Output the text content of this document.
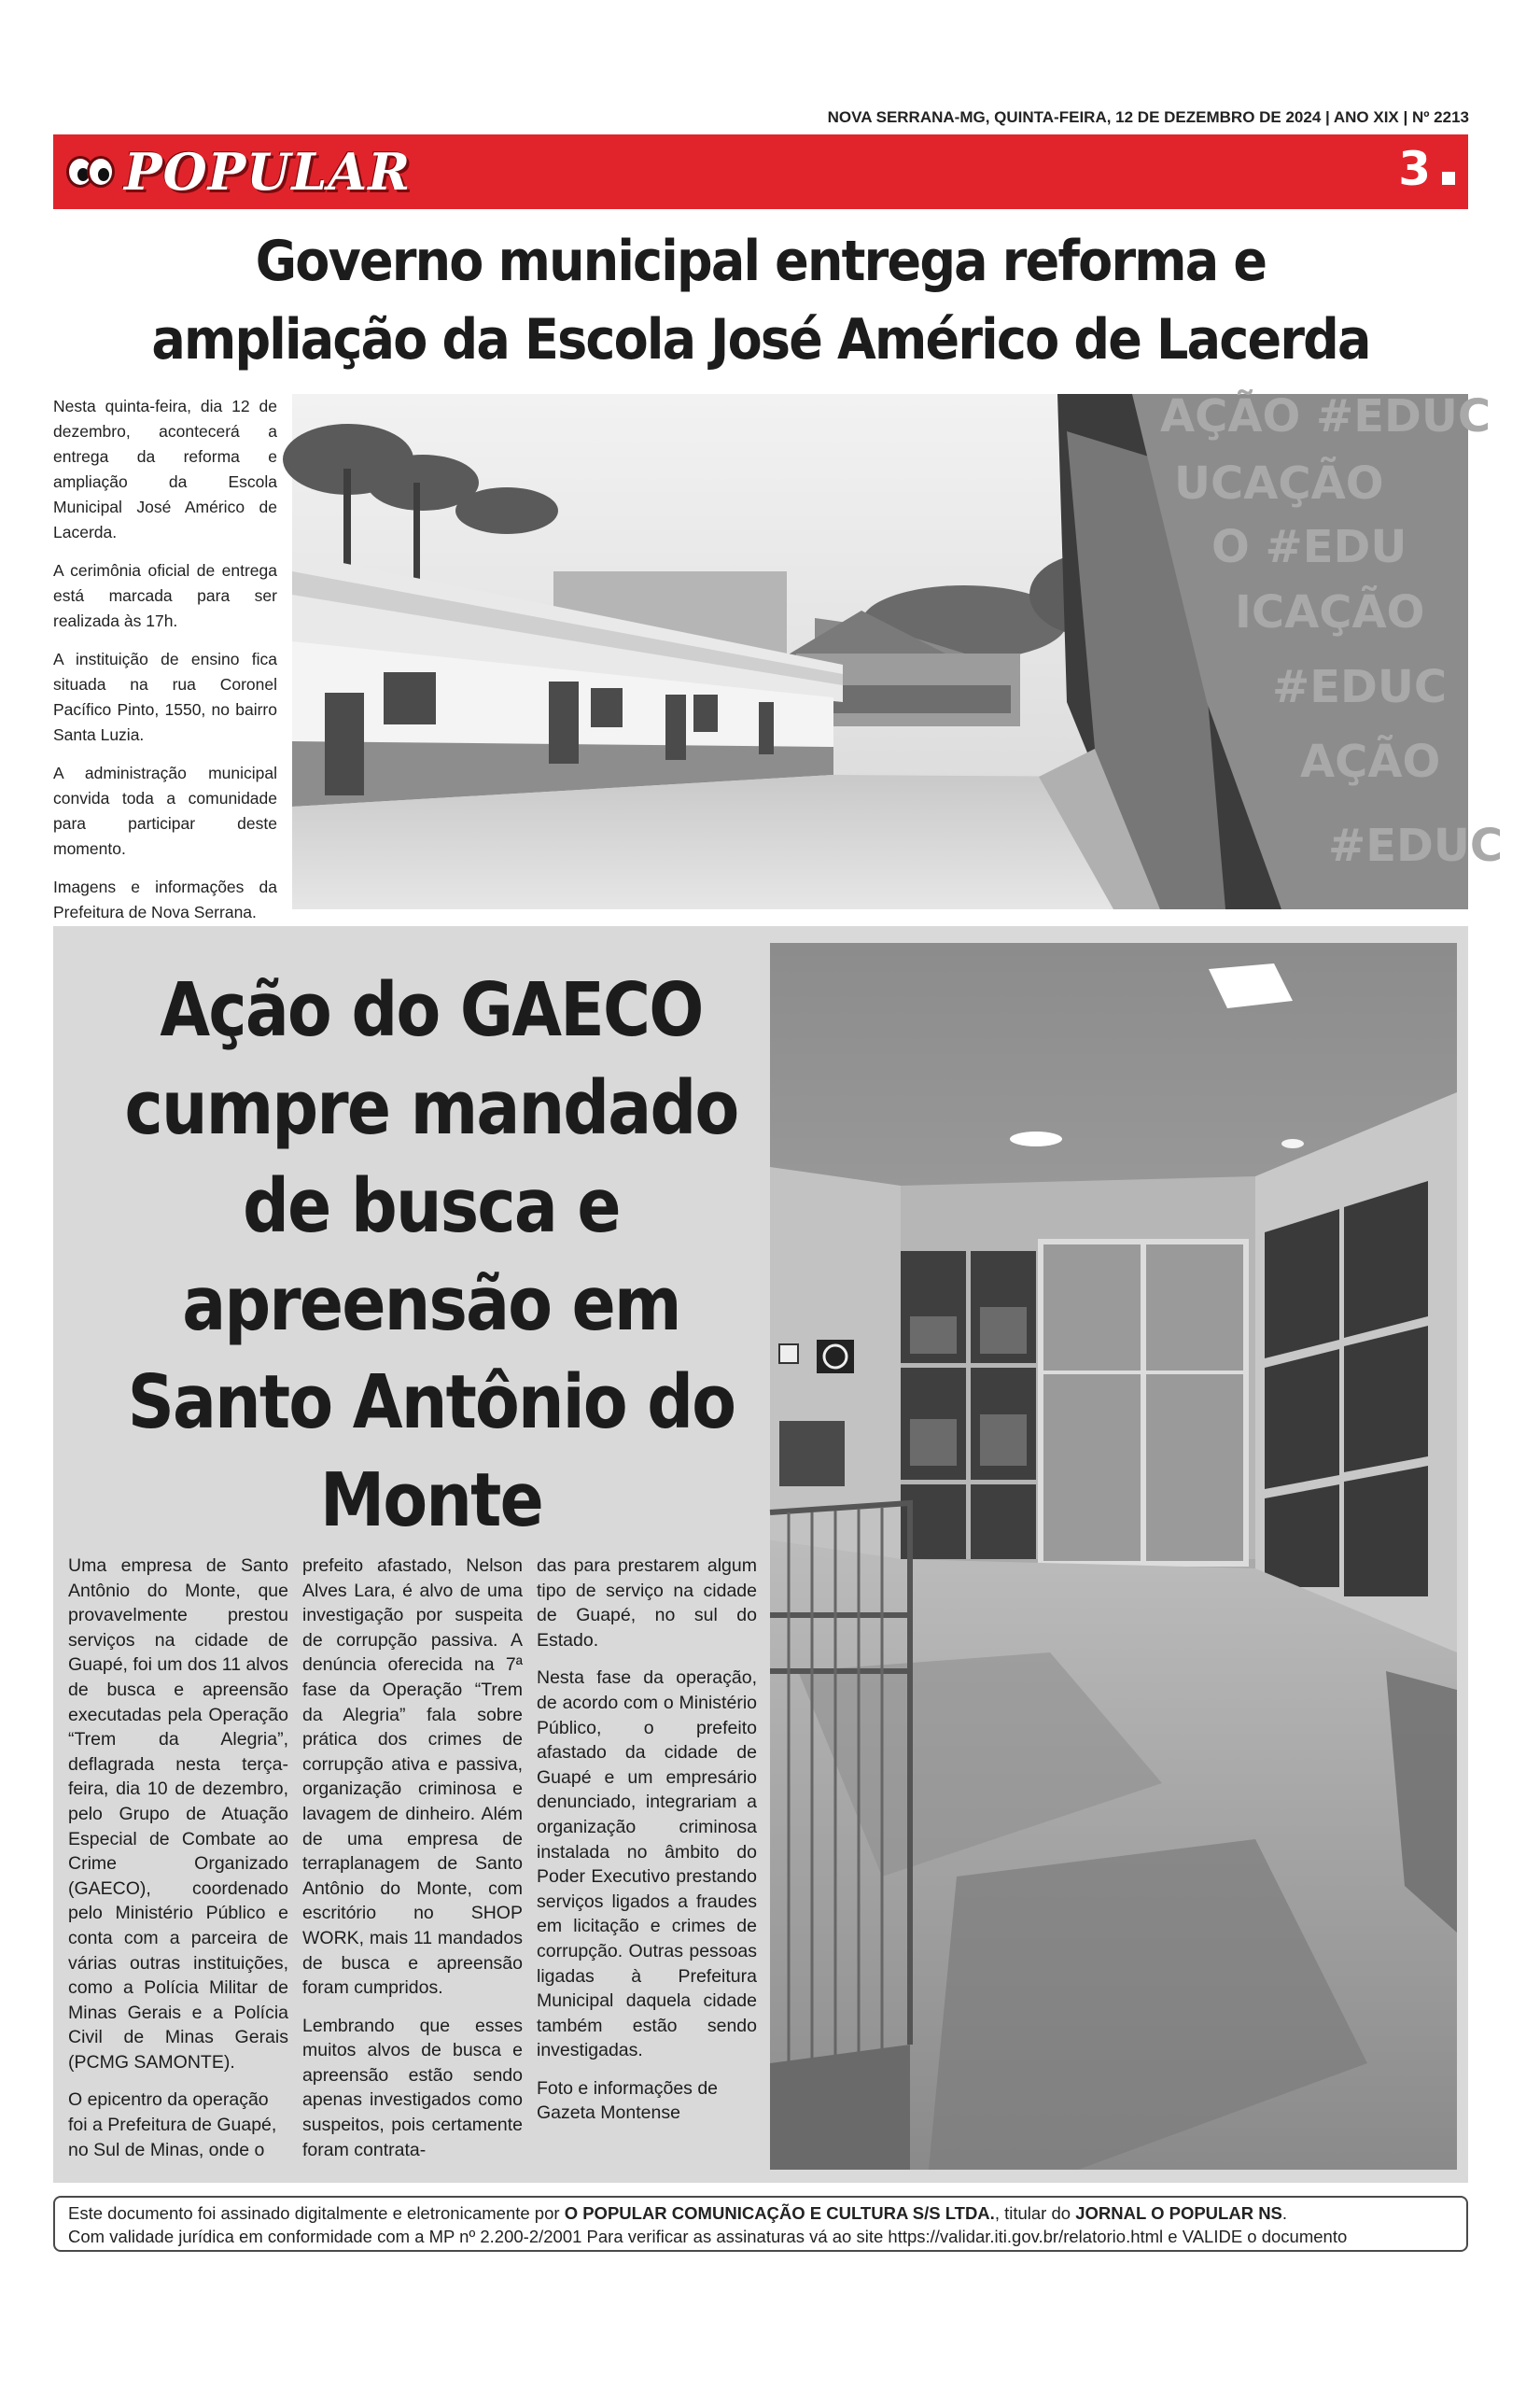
NOVA SERRANA-MG, QUINTA-FEIRA, 12 DE DEZEMBRO DE 2024 | ANO XIX | Nº 2213
POPULAR	3
Governo municipal entrega reforma e
ampliação da Escola José Américo de Lacerda

Nesta quinta-feira, dia 12 de dezembro, acontecerá a entrega da reforma e ampliação da Escola Municipal José Américo de Lacerda.

A cerimônia oficial de entrega está marcada para ser realizada às 17h.

A instituição de ensino fica situada na rua Coronel Pacífico Pinto, 1550, no bairro Santa Luzia.

A administração municipal convida toda a comunidade para participar deste momento.

Imagens e informações da Prefeitura de Nova Serrana.

AÇÃO #EDUC
UCAÇÃO
O #EDU
ICAÇÃO
#EDUC
AÇÃO
#EDUC
Ação do GAECO
cumpre mandado
de busca e
apreensão em
Santo Antônio do
Monte

Uma empresa de Santo Antônio do Monte, que provavelmente prestou serviços na cidade de Guapé, foi um dos 11 alvos de busca e apreensão executadas pela Operação “Trem da Alegria”, deflagrada nesta terça-feira, dia 10 de dezembro, pelo Grupo de Atuação Especial de Combate ao Crime Organizado (GAECO), coordenado pelo Ministério Público e conta com a parceira de várias outras instituições, como a Polícia Militar de Minas Gerais e a Polícia Civil de Minas Gerais (PCMG SAMONTE).

O epicentro da operação foi a Prefeitura de Guapé, no Sul de Minas, onde o

prefeito afastado, Nelson Alves Lara, é alvo de uma investigação por suspeita de corrupção passiva. A denúncia oferecida na 7ª fase da Operação “Trem da Alegria” fala sobre prática dos crimes de corrupção ativa e passiva, organização criminosa e lavagem de dinheiro. Além de uma empresa de terraplanagem de Santo Antônio do Monte, com escritório no SHOP WORK, mais 11 mandados de busca e apreensão foram cumpridos.

Lembrando que esses muitos alvos de busca e apreensão estão sendo apenas investigados como suspeitos, pois certamente foram contrata-

das para prestarem algum tipo de serviço na cidade de Guapé, no sul do Estado.

Nesta fase da operação, de acordo com o Ministério Público, o prefeito afastado da cidade de Guapé e um empresário denunciado, integrariam a organização criminosa instalada no âmbito do Poder Executivo prestando serviços ligados a fraudes em licitação e crimes de corrupção. Outras pessoas ligadas à Prefeitura Municipal daquela cidade também estão sendo investigadas.

Foto e informações de Gazeta Montense

Este documento foi assinado digitalmente e eletronicamente por O POPULAR COMUNICAÇÃO E CULTURA S/S LTDA., titular do JORNAL O POPULAR NS.
Com validade jurídica em conformidade com a MP nº 2.200-2/2001 Para verificar as assinaturas vá ao site https://validar.iti.gov.br/relatorio.html e VALIDE o documento
